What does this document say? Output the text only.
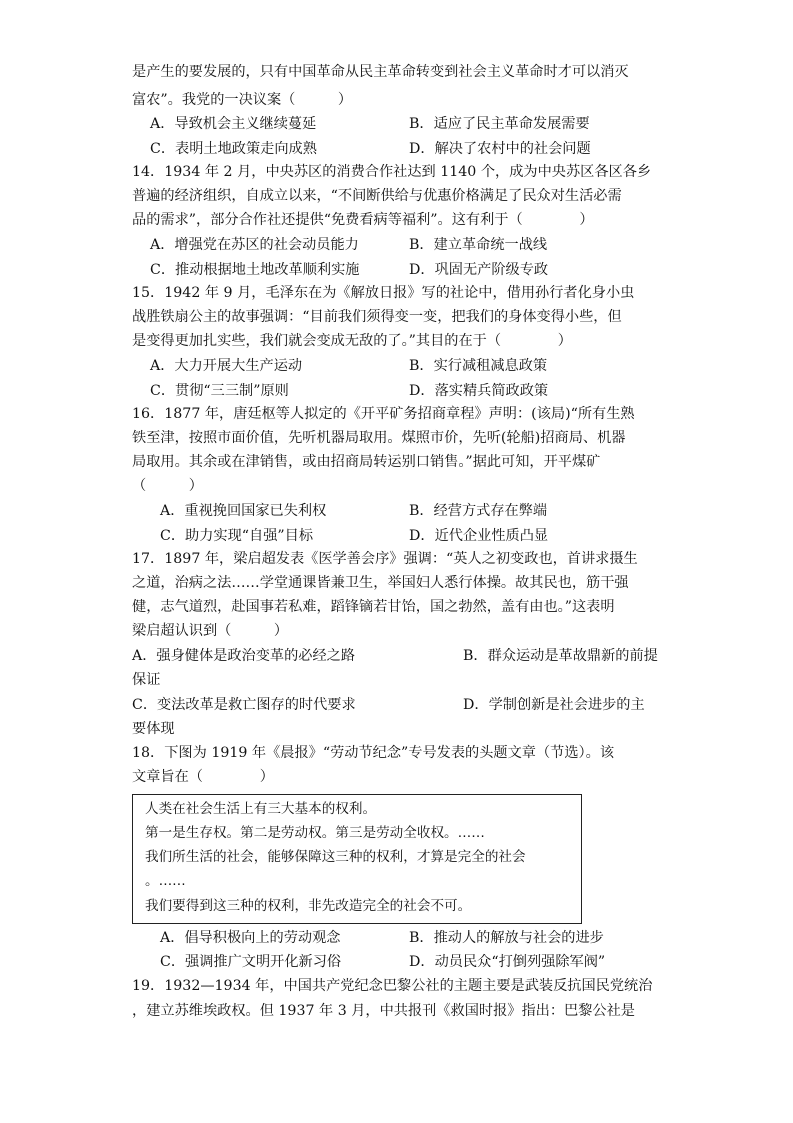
是产生的要发展的，只有中国革命从民主革命转变到社会主义革命时才可以消灭
富农”。我党的一决议案（　　　）
A．导致机会主义继续蔓延	B．适应了民主革命发展需要
C．表明土地政策走向成熟	D．解决了农村中的社会问题
14．1934 年 2 月，中央苏区的消费合作社达到 1140 个，成为中央苏区各区各乡
普遍的经济组织，自成立以来，“不间断供给与优惠价格满足了民众对生活必需
品的需求”，部分合作社还提供“免费看病等福利”。这有利于（　　　　）
A．增强党在苏区的社会动员能力	B．建立革命统一战线
C．推动根据地土地改革顺利实施	D．巩固无产阶级专政
15．1942 年 9 月，毛泽东在为《解放日报》写的社论中，借用孙行者化身小虫
战胜铁扇公主的故事强调：“目前我们须得变一变，把我们的身体变得小些，但
是变得更加扎实些，我们就会变成无敌的了。”其目的在于（　　　　）
A．大力开展大生产运动	B．实行减租减息政策
C．贯彻“三三制”原则	D．落实精兵简政政策
16．1877 年，唐廷枢等人拟定的《开平矿务招商章程》声明：(该局)“所有生熟
铁至津，按照市面价值，先听机器局取用。煤照市价，先听(轮船)招商局、机器
局取用。其余或在津销售，或由招商局转运别口销售。”据此可知，开平煤矿
（　　　）
A．重视挽回国家已失利权	B．经营方式存在弊端
C．助力实现“自强”目标	D．近代企业性质凸显
17．1897 年，梁启超发表《医学善会序》强调：“英人之初变政也，首讲求摄生
之道，治病之法……学堂通课皆兼卫生，举国妇人悉行体操。故其民也，筋干强
健，志气道烈，赴国事若私难，蹈锋镝若甘饴，国之勃然，盖有由也。”这表明
梁启超认识到（　　　）
A．强身健体是政治变革的必经之路	B．群众运动是革故鼎新的前提
保证
C．变法改革是救亡图存的时代要求	D．学制创新是社会进步的主
要体现
18．下图为 1919 年《晨报》“劳动节纪念”专号发表的头题文章（节选）。该
文章旨在（　　　　）
人类在社会生活上有三大基本的权利。
第一是生存权。第二是劳动权。第三是劳动全收权。……
我们所生活的社会，能够保障这三种的权利，才算是完全的社会
。……
我们要得到这三种的权利，非先改造完全的社会不可。
A．倡导积极向上的劳动观念	B．推动人的解放与社会的进步
C．强调推广文明开化新习俗	D．动员民众“打倒列强除军阀”
19．1932—1934 年，中国共产党纪念巴黎公社的主题主要是武装反抗国民党统治
，建立苏维埃政权。但 1937 年 3 月，中共报刊《救国时报》指出：巴黎公社是
